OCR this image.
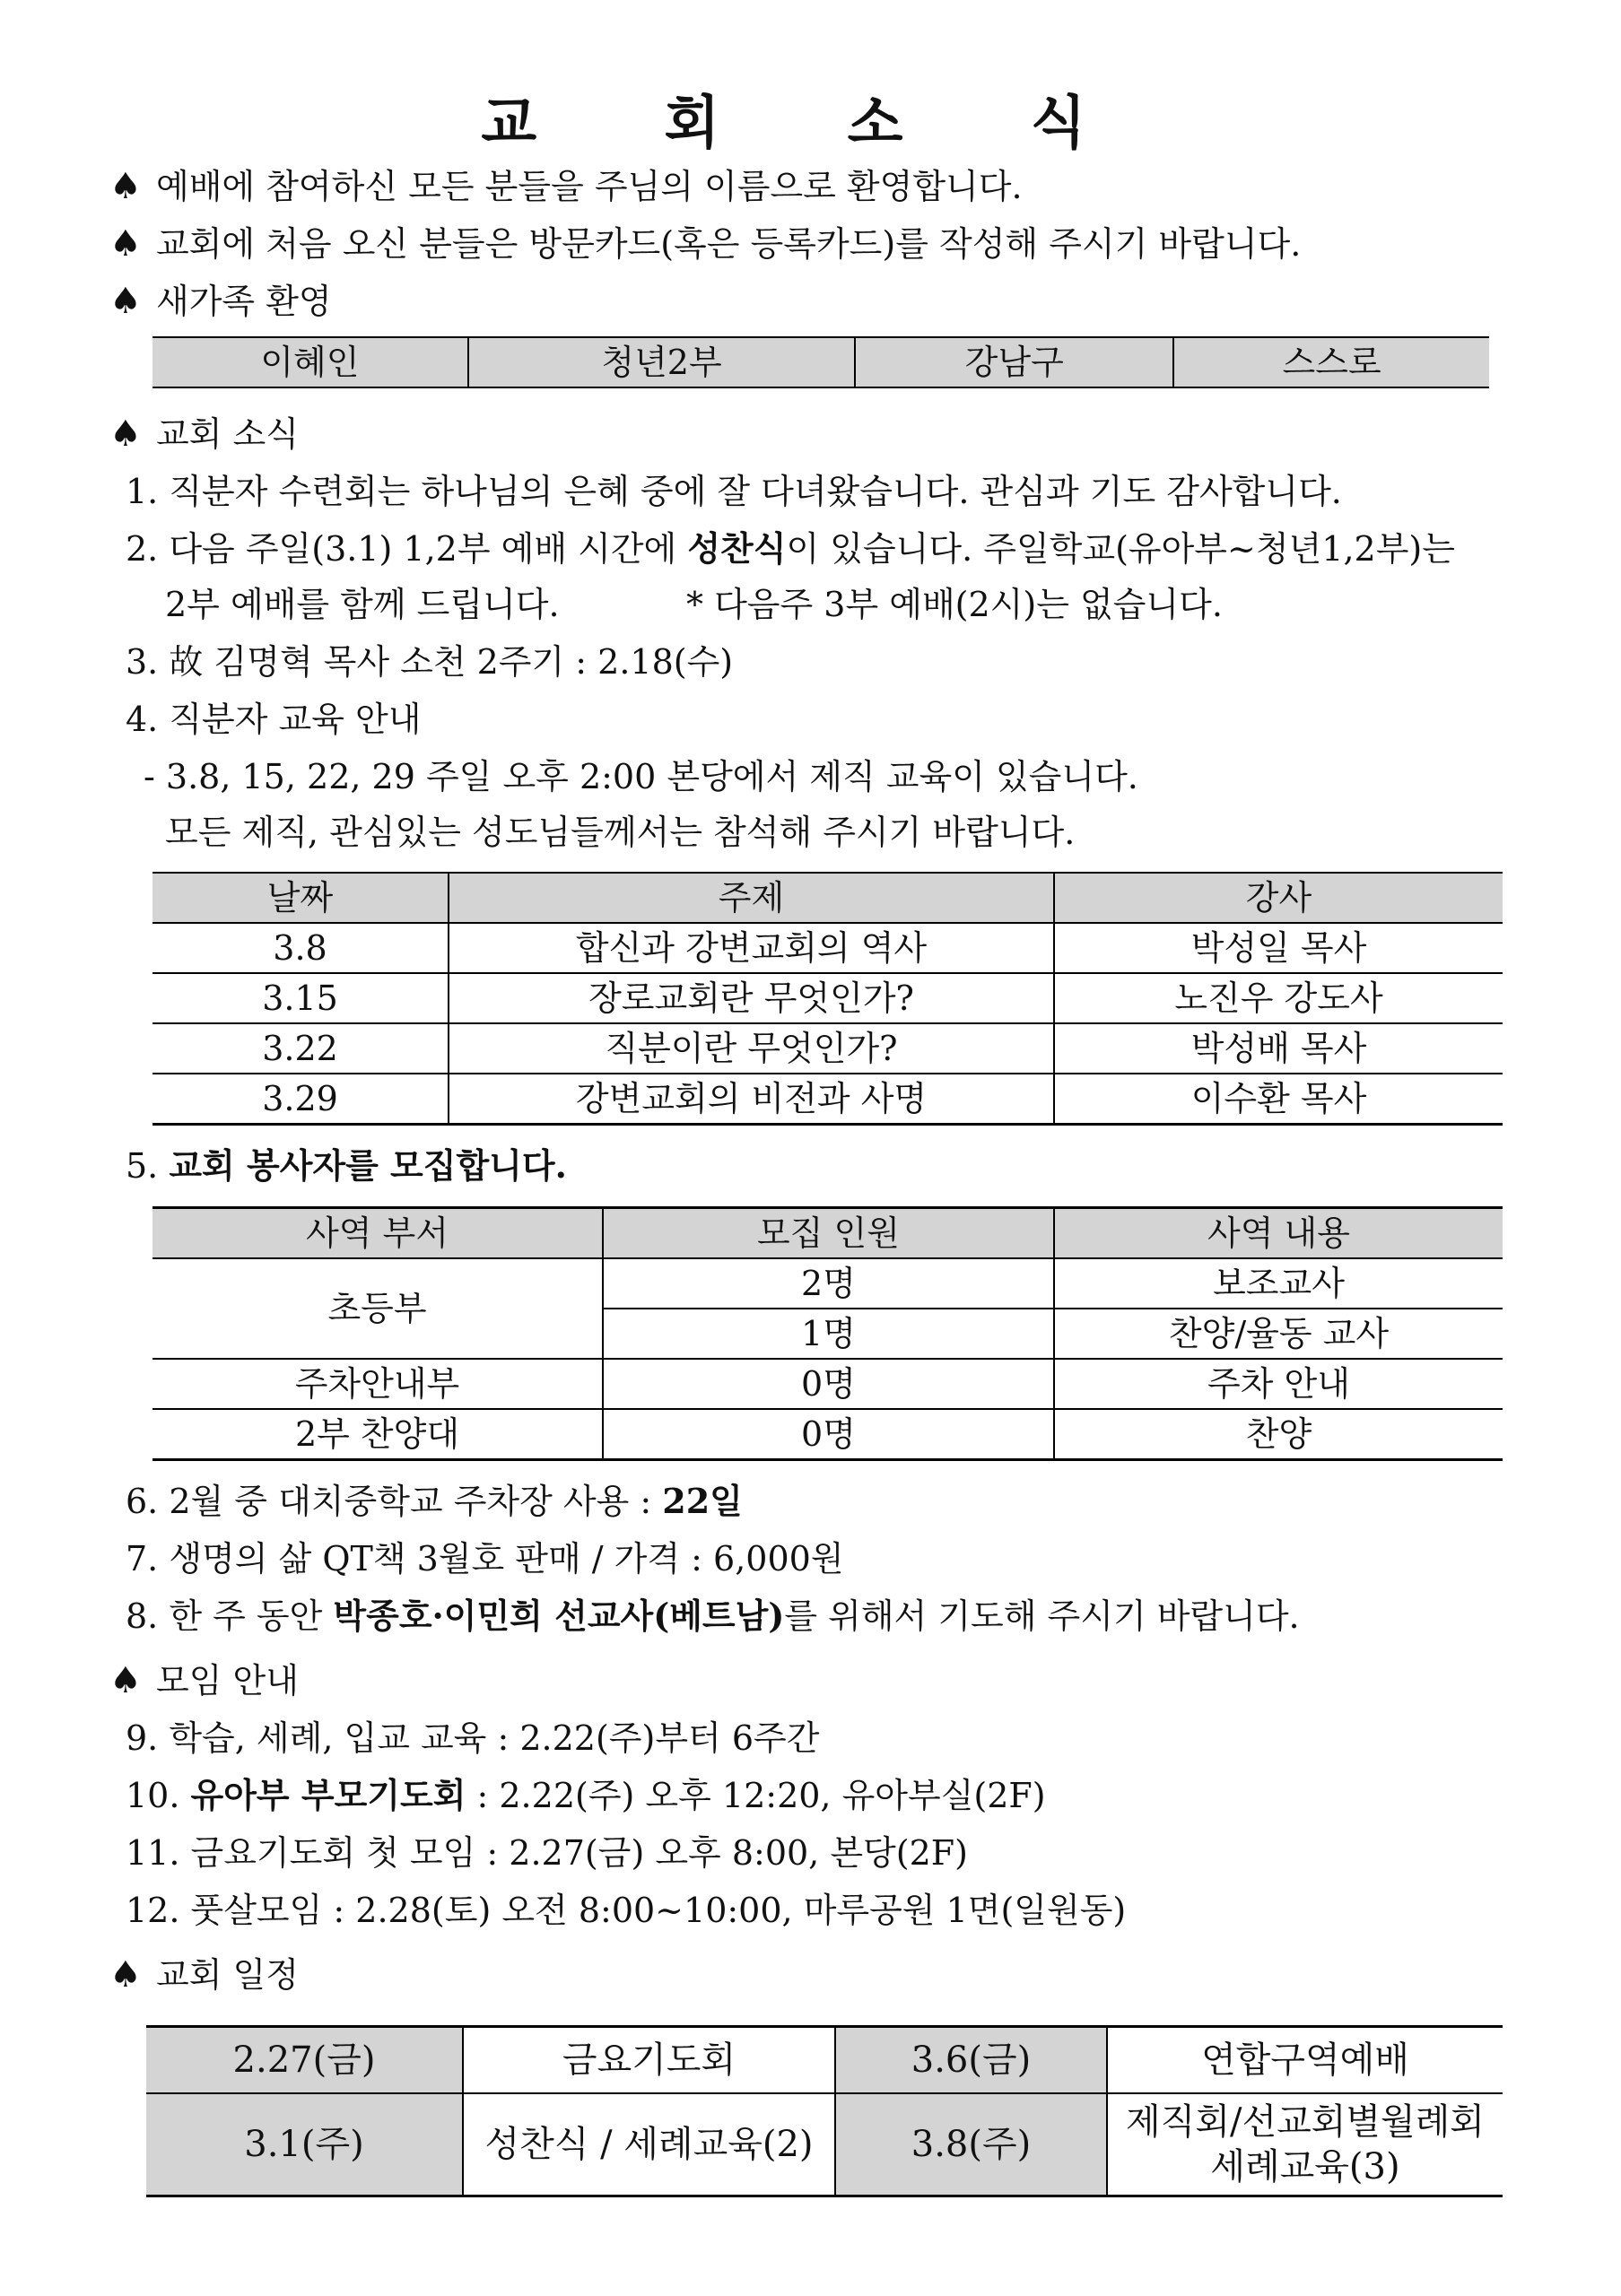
교 회 소 식
♠ 예배에 참여하신 모든 분들을 주님의 이름으로 환영합니다.
♠ 교회에 처음 오신 분들은 방문카드(혹은 등록카드)를 작성해 주시기 바랍니다.
♠ 새가족 환영
이혜인	청년2부	강남구	스스로
♠ 교회 소식
1. 직분자 수련회는 하나님의 은혜 중에 잘 다녀왔습니다. 관심과 기도 감사합니다.
2. 다음 주일(3.1) 1,2부 예배 시간에 성찬식이 있습니다. 주일학교(유아부~청년1,2부)는
2부 예배를 함께 드립니다.	* 다음주 3부 예배(2시)는 없습니다.
3. 故 김명혁 목사 소천 2주기 : 2.18(수)
4. 직분자 교육 안내
- 3.8, 15, 22, 29 주일 오후 2:00 본당에서 제직 교육이 있습니다.
모든 제직, 관심있는 성도님들께서는 참석해 주시기 바랍니다.
날짜	주제	강사
3.8	합신과 강변교회의 역사	박성일 목사
3.15	장로교회란 무엇인가?	노진우 강도사
3.22	직분이란 무엇인가?	박성배 목사
3.29	강변교회의 비전과 사명	이수환 목사
5. 교회 봉사자를 모집합니다.
사역 부서	모집 인원	사역 내용
초등부	2명	보조교사
	1명	찬양/율동 교사
주차안내부	0명	주차 안내
2부 찬양대	0명	찬양
6. 2월 중 대치중학교 주차장 사용 : 22일
7. 생명의 삶 QT책 3월호 판매 / 가격 : 6,000원
8. 한 주 동안 박종호·이민희 선교사(베트남)를 위해서 기도해 주시기 바랍니다.
♠ 모임 안내
9. 학습, 세례, 입교 교육 : 2.22(주)부터 6주간
10. 유아부 부모기도회 : 2.22(주) 오후 12:20, 유아부실(2F)
11. 금요기도회 첫 모임 : 2.27(금) 오후 8:00, 본당(2F)
12. 풋살모임 : 2.28(토) 오전 8:00~10:00, 마루공원 1면(일원동)
♠ 교회 일정
2.27(금)	금요기도회	3.6(금)	연합구역예배
3.1(주)	성찬식 / 세례교육(2)	3.8(주)	제직회/선교회별월례회
세례교육(3)
